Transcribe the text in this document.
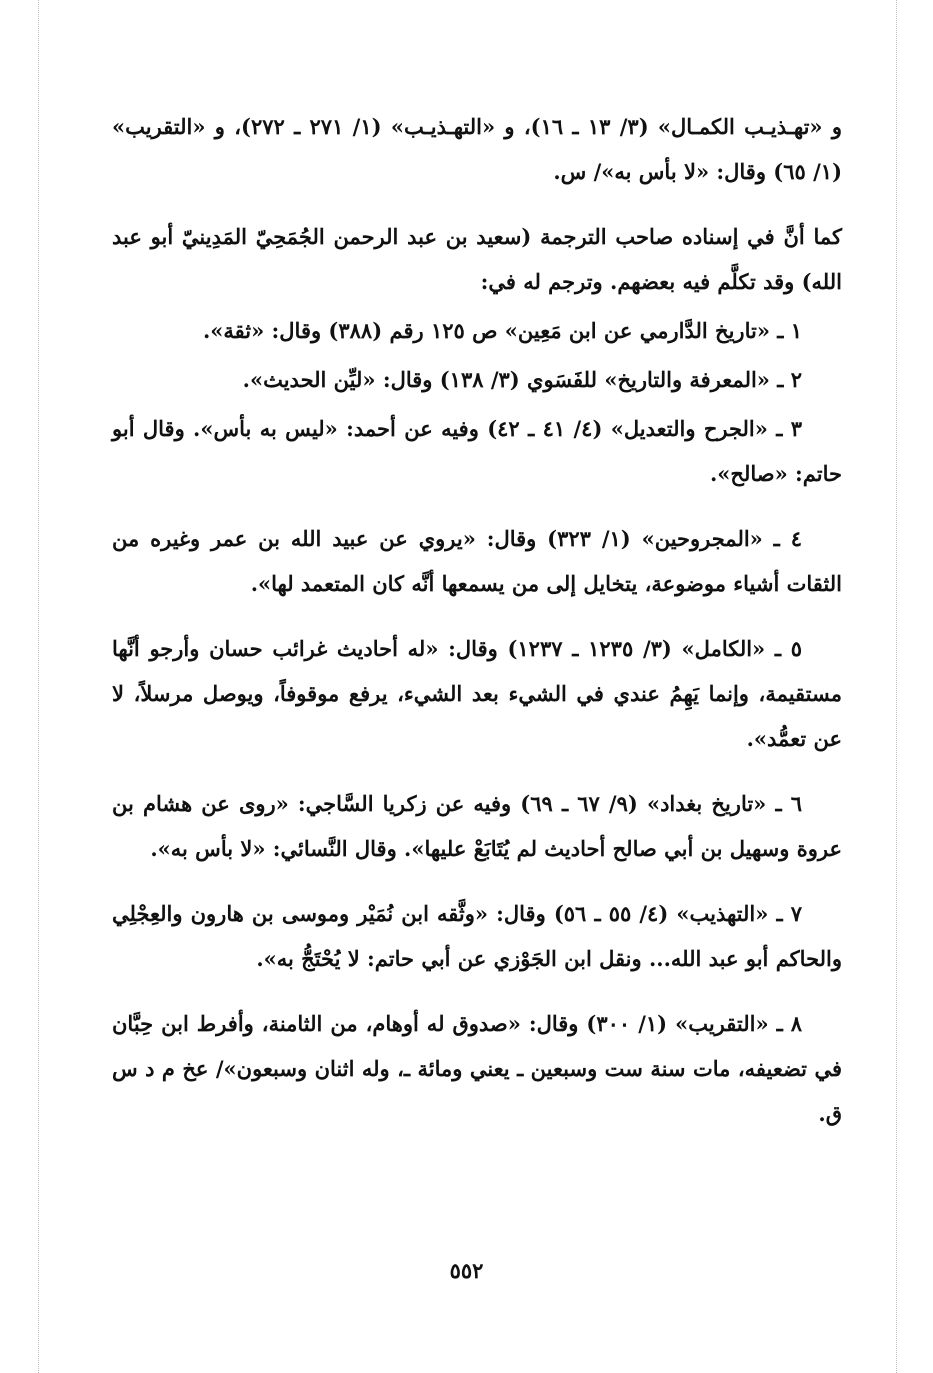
و «تهـذيـب الكمـال» (٣/ ١٣ ـ ١٦)، و «التهـذيـب» (١/ ٢٧١ ـ ٢٧٢)، و «التقريب» (١/ ٦٥) وقال: «لا بأس به»/ س.

كما أنَّ في إسناده صاحب الترجمة (سعيد بن عبد الرحمن الجُمَحِيّ المَدِينيّ أبو عبد الله) وقد تكلَّم فيه بعضهم. وترجم له في:

١ ـ «تاريخ الدَّارمي عن ابن مَعِين» ص ١٢٥ رقم (٣٨٨) وقال: «ثقة».

٢ ـ «المعرفة والتاريخ» للفَسَوي (٣/ ١٣٨) وقال: «ليِّن الحديث».

٣ ـ «الجرح والتعديل» (٤/ ٤١ ـ ٤٢) وفيه عن أحمد: «ليس به بأس». وقال أبو حاتم: «صالح».

٤ ـ «المجروحين» (١/ ٣٢٣) وقال: «يروي عن عبيد الله بن عمر وغيره من الثقات أشياء موضوعة، يتخايل إلى من يسمعها أنَّه كان المتعمد لها».

٥ ـ «الكامل» (٣/ ١٢٣٥ ـ ١٢٣٧) وقال: «له أحاديث غرائب حسان وأرجو أنَّها مستقيمة، وإنما يَهِمُ عندي في الشيء بعد الشيء، يرفع موقوفاً، ويوصل مرسلاً، لا عن تعمُّد».

٦ ـ «تاريخ بغداد» (٩/ ٦٧ ـ ٦٩) وفيه عن زكريا السَّاجي: «روى عن هشام بن عروة وسهيل بن أبي صالح أحاديث لم يُتَابَعْ عليها». وقال النَّسائي: «لا بأس به».

٧ ـ «التهذيب» (٤/ ٥٥ ـ ٥٦) وقال: «وثَّقه ابن نُمَيْر وموسى بن هارون والعِجْلِي والحاكم أبو عبد الله... ونقل ابن الجَوْزي عن أبي حاتم: لا يُحْتَجُّ به».

٨ ـ «التقريب» (١/ ٣٠٠) وقال: «صدوق له أوهام، من الثامنة، وأفرط ابن حِبَّان في تضعيفه، مات سنة ست وسبعين ـ يعني ومائة ـ، وله اثنان وسبعون»/ عخ م د س ق.

٥٥٢
